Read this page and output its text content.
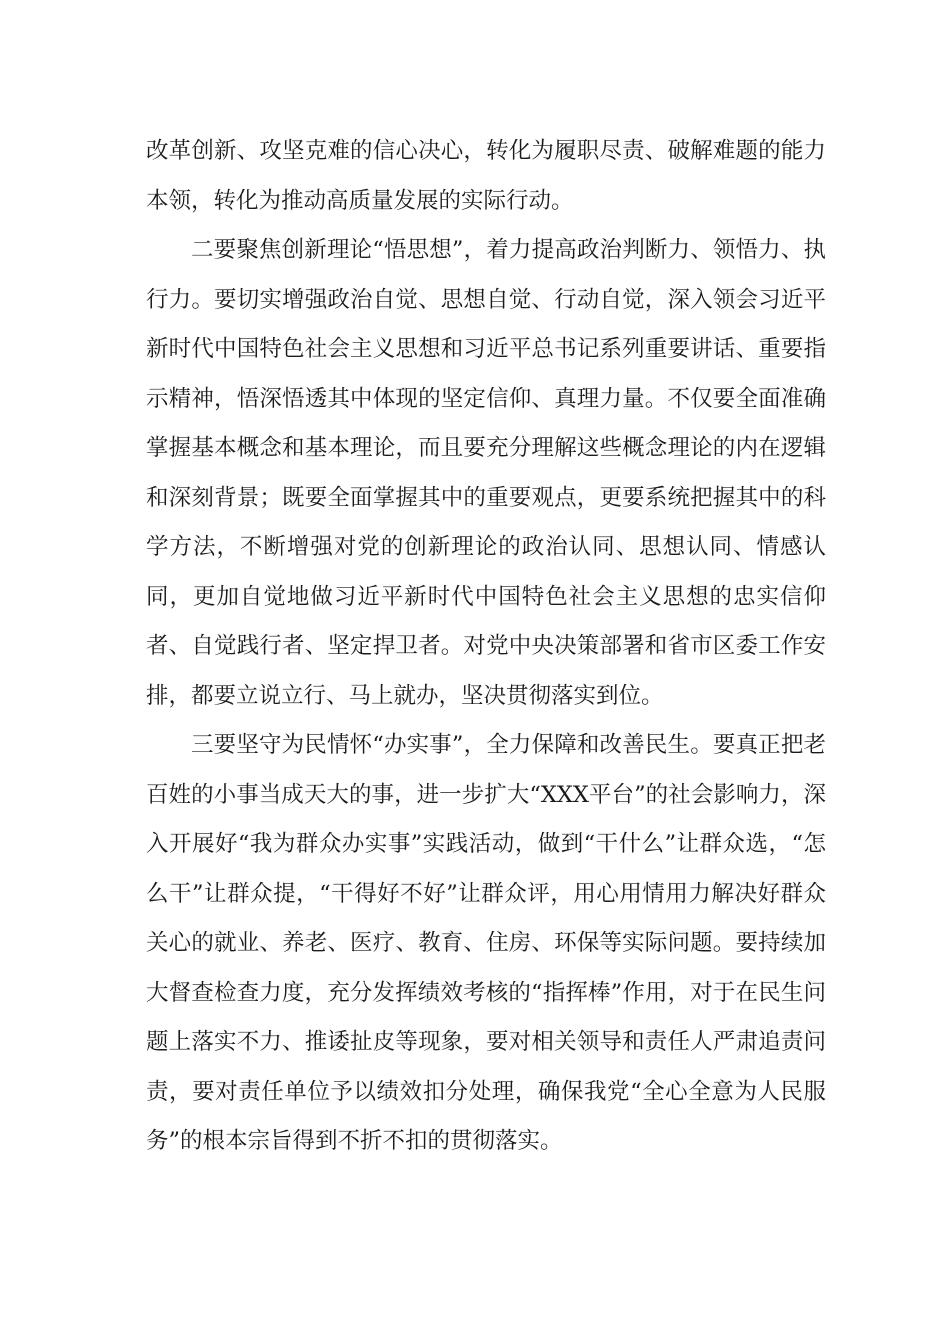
改革创新、攻坚克难的信心决心，转化为履职尽责、破解难题的能力本领，转化为推动高质量发展的实际行动。

二要聚焦创新理论“悟思想”，着力提高政治判断力、领悟力、执行力。要切实增强政治自觉、思想自觉、行动自觉，深入领会习近平新时代中国特色社会主义思想和习近平总书记系列重要讲话、重要指示精神，悟深悟透其中体现的坚定信仰、真理力量。不仅要全面准确掌握基本概念和基本理论，而且要充分理解这些概念理论的内在逻辑和深刻背景；既要全面掌握其中的重要观点，更要系统把握其中的科学方法，不断增强对党的创新理论的政治认同、思想认同、情感认同，更加自觉地做习近平新时代中国特色社会主义思想的忠实信仰者、自觉践行者、坚定捍卫者。对党中央决策部署和省市区委工作安排，都要立说立行、马上就办，坚决贯彻落实到位。

三要坚守为民情怀“办实事”，全力保障和改善民生。要真正把老百姓的小事当成天大的事，进一步扩大“XXX平台”的社会影响力，深入开展好“我为群众办实事”实践活动，做到“干什么”让群众选，“怎么干”让群众提，“干得好不好”让群众评，用心用情用力解决好群众关心的就业、养老、医疗、教育、住房、环保等实际问题。要持续加大督查检查力度，充分发挥绩效考核的“指挥棒”作用，对于在民生问题上落实不力、推诿扯皮等现象，要对相关领导和责任人严肃追责问责，要对责任单位予以绩效扣分处理，确保我党“全心全意为人民服务”的根本宗旨得到不折不扣的贯彻落实。
